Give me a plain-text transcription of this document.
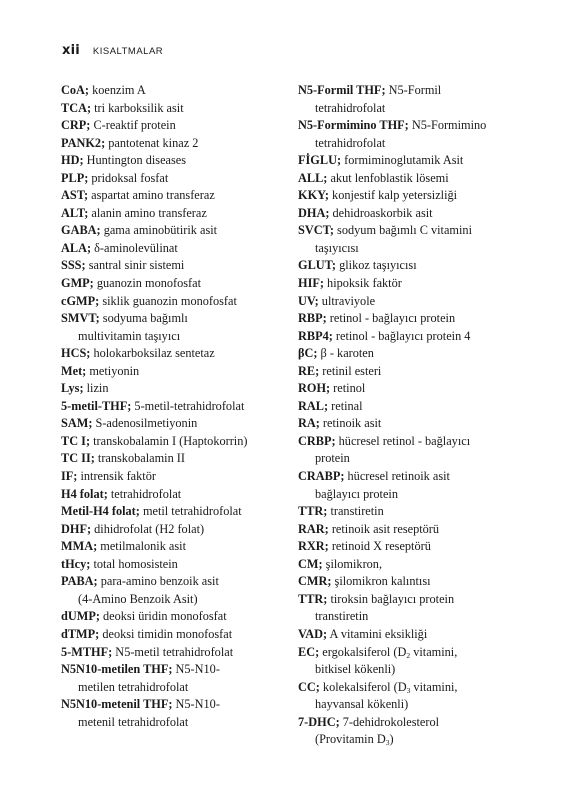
xii KISALTMALAR
CoA; koenzim A
TCA; tri karboksilik asit
CRP; C-reaktif protein
PANK2; pantotenat kinaz 2
HD; Huntington diseases
PLP; pridoksal fosfat
AST; aspartat amino transferaz
ALT; alanin amino transferaz
GABA; gama aminobütirik asit
ALA; δ-aminolevülinat
SSS; santral sinir sistemi
GMP; guanozin monofosfat
cGMP; siklik guanozin monofosfat
SMVT; sodyuma bağımlı
multivitamin taşıyıcı
HCS; holokarboksilaz sentetaz
Met; metiyonin
Lys; lizin
5-metil-THF; 5-metil-tetrahidrofolat
SAM; S-adenosilmetiyonin
TC I; transkobalamin I (Haptokorrin)
TC II; transkobalamin II
IF; intrensik faktör
H4 folat; tetrahidrofolat
Metil-H4 folat; metil tetrahidrofolat
DHF; dihidrofolat (H2 folat)
MMA; metilmalonik asit
tHcy; total homosistein
PABA; para-amino benzoik asit
(4-Amino Benzoik Asit)
dUMP; deoksi üridin monofosfat
dTMP; deoksi timidin monofosfat
5-MTHF; N5-metil tetrahidrofolat
N5N10-metilen THF; N5-N10-
metilen tetrahidrofolat
N5N10-metenil THF; N5-N10-
metenil tetrahidrofolat
N5-Formil THF; N5-Formil
tetrahidrofolat
N5-Formimino THF; N5-Formimino
tetrahidrofolat
FİGLU; formiminoglutamik Asit
ALL; akut lenfoblastik lösemi
KKY; konjestif kalp yetersizliği
DHA; dehidroaskorbik asit
SVCT; sodyum bağımlı C vitamini
taşıyıcısı
GLUT; glikoz taşıyıcısı
HIF; hipoksik faktör
UV; ultraviyole
RBP; retinol - bağlayıcı protein
RBP4; retinol - bağlayıcı protein 4
βC; β - karoten
RE; retinil esteri
ROH; retinol
RAL; retinal
RA; retinoik asit
CRBP; hücresel retinol - bağlayıcı
protein
CRABP; hücresel retinoik asit
bağlayıcı protein
TTR; transtiretin
RAR; retinoik asit reseptörü
RXR; retinoid X reseptörü
CM; şilomikron,
CMR; şilomikron kalıntısı
TTR; tiroksin bağlayıcı protein
transtiretin
VAD; A vitamini eksikliği
EC; ergokalsiferol ($D_2$ vitamini,
bitkisel kökenli)
CC; kolekalsiferol ($D_3$ vitamini,
hayvansal kökenli)
7-DHC; 7-dehidrokolesterol
(Provitamin $D_3$)
